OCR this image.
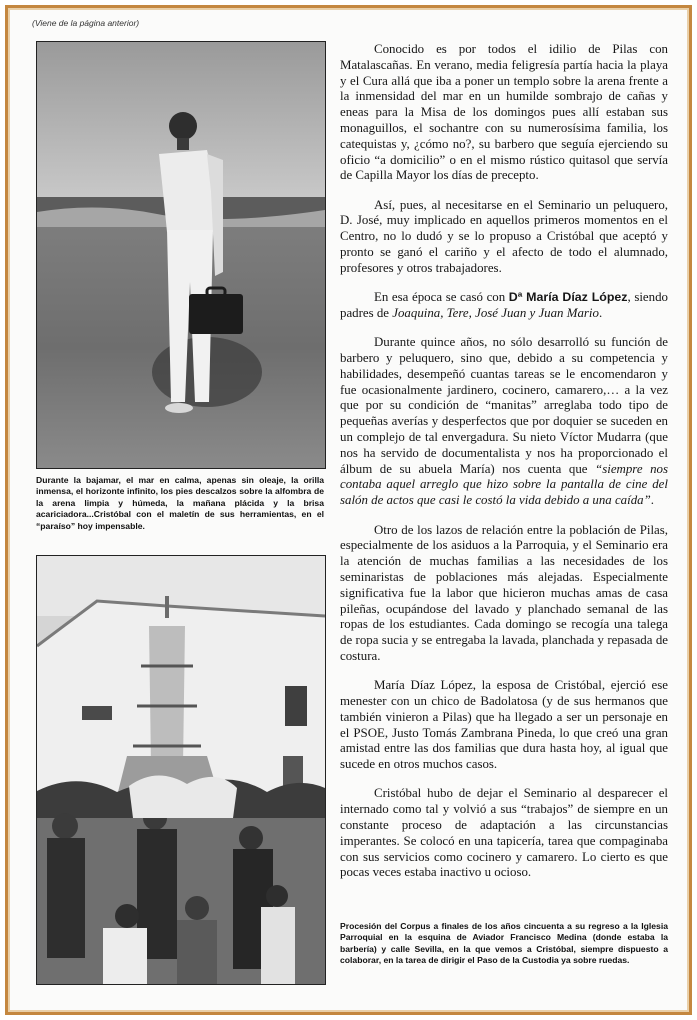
(Viene de la página anterior)
Durante la bajamar, el mar en calma, apenas sin oleaje, la orilla inmensa, el horizonte infinito, los pies descalzos sobre la alfombra de la arena limpia y húmeda, la mañana plácida y la brisa acariciadora...Cristóbal con el maletín de sus herramientas, en el “paraíso” hoy impensable.

Conocido es por todos el idilio de Pilas con Matalascañas. En verano, media feligresía partía hacia la playa y el Cura allá que iba a poner un templo sobre la arena frente a la inmensidad del mar en un humilde sombrajo de cañas y eneas para la Misa de los domingos pues allí estaban sus monaguillos, el sochantre con su numerosísima familia, los catequistas y, ¿cómo no?, su barbero que seguía ejerciendo su oficio “a domicilio” o en el mismo rústico quitasol que servía de Capilla Mayor los días de precepto.

Así, pues, al necesitarse en el Seminario un peluquero, D. José, muy implicado en aquellos primeros momentos en el Centro, no lo dudó y se lo propuso a Cristóbal que aceptó y pronto se ganó el cariño y el afecto de todo el alumnado, profesores y otros trabajadores.

En esa época se casó con Dª María Díaz López, siendo padres de Joaquina, Tere, José Juan y Juan Mario.

Durante quince años, no sólo desarrolló su función de barbero y peluquero, sino que, debido a su competencia y habilidades, desempeñó cuantas tareas se le encomendaron y fue ocasionalmente jardinero, cocinero, camarero,… a la vez que por su condición de “manitas” arreglaba todo tipo de pequeñas averías y desperfectos que por doquier se suceden en un complejo de tal envergadura. Su nieto Víctor Mudarra (que nos ha servido de documentalista y nos ha proporcionado el álbum de su abuela María) nos cuenta que “siempre nos contaba aquel arreglo que hizo sobre la pantalla de cine del salón de actos que casi le costó la vida debido a una caída”.

Otro de los lazos de relación entre la población de Pilas, especialmente de los asiduos a la Parroquia, y el Seminario era la atención de muchas familias a las necesidades de los seminaristas de poblaciones más alejadas. Especialmente significativa fue la labor que hicieron muchas amas de casa pileñas, ocupándose del lavado y planchado semanal de las ropas de los estudiantes. Cada domingo se recogía una talega de ropa sucia y se entregaba la lavada, planchada y repasada de costura.

María Díaz López, la esposa de Cristóbal, ejerció ese menester con un chico de Badolatosa (y de sus hermanos que también vinieron a Pilas) que ha llegado a ser un personaje en el PSOE, Justo Tomás Zambrana Pineda, lo que creó una gran amistad entre las dos familias que dura hasta hoy, al igual que sucede en otros muchos casos.

Cristóbal hubo de dejar el Seminario al desparecer el internado como tal y volvió a sus “trabajos” de siempre en un constante proceso de adaptación a las circunstancias imperantes. Se colocó en una tapicería, tarea que compaginaba con sus servicios como cocinero y camarero. Lo cierto es que pocas veces estaba inactivo u ocioso.

Procesión del Corpus a finales de los años cincuenta a su regreso a la Iglesia Parroquial en la esquina de Aviador Francisco Medina (donde estaba la barbería) y calle Sevilla, en la que vemos a Cristóbal, siempre dispuesto a colaborar, en la tarea de dirigir el Paso de la Custodia ya sobre ruedas.
